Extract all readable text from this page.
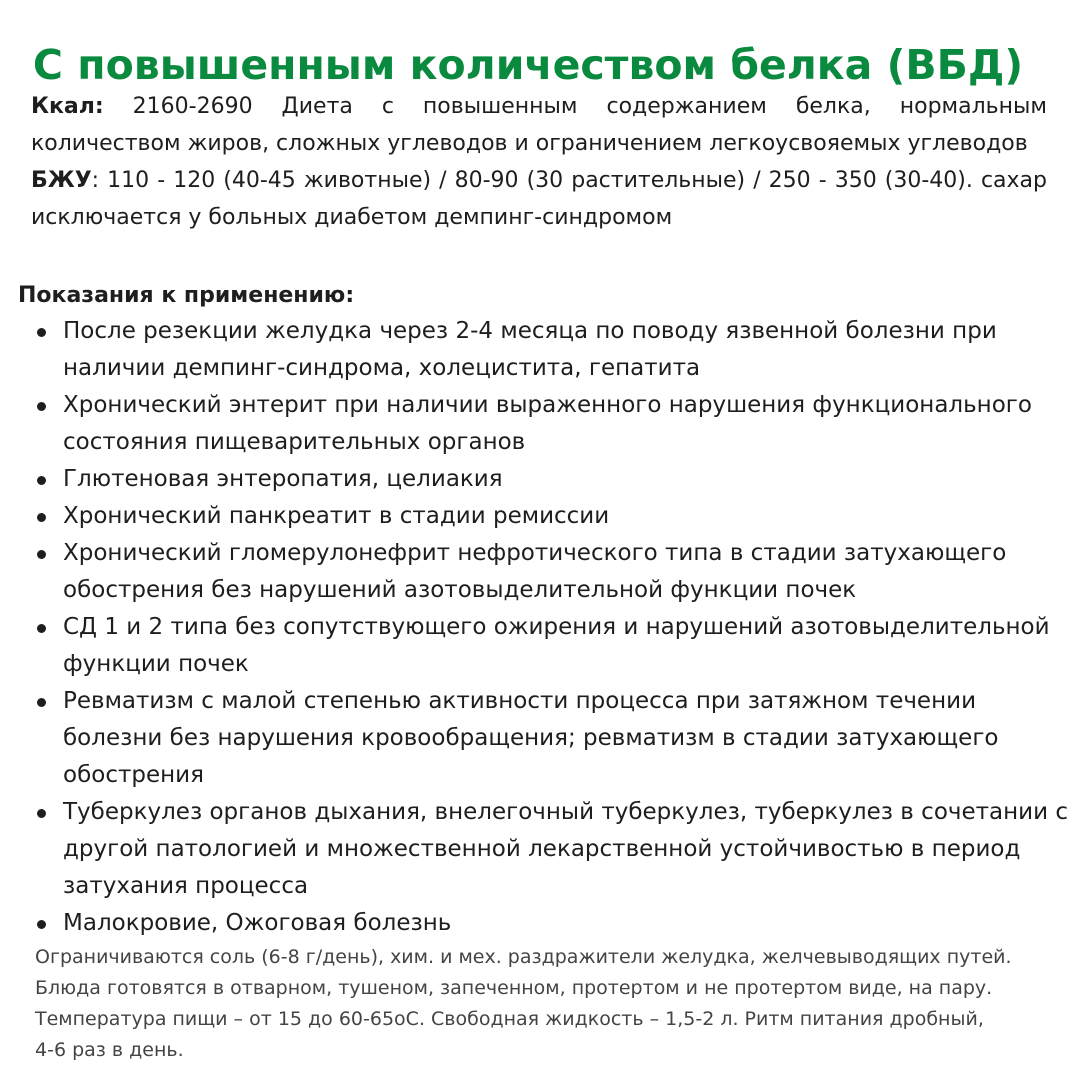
С повышенным количеством белка (ВБД)

Ккал: 2160-2690 Диета с повышенным содержанием белка, нормальным количеством жиров, сложных углеводов и ограничением легкоусвояемых углеводов

БЖУ: 110 - 120 (40-45 животные) / 80-90 (30 растительные) / 250 - 350 (30-40). сахар исключается у больных диабетом демпинг-синдромом

Показания к применению:
После резекции желудка через 2-4 месяца по поводу язвенной болезни при наличии демпинг-синдрома, холецистита, гепатита
Хронический энтерит при наличии выраженного нарушения функционального состояния пищеварительных органов
Глютеновая энтеропатия, целиакия
Хронический панкреатит в стадии ремиссии
Хронический гломерулонефрит нефротического типа в стадии затухающего обострения без нарушений азотовыделительной функции почек
СД 1 и 2 типа без сопутствующего ожирения и нарушений азотовыделительной функции почек
Ревматизм с малой степенью активности процесса при затяжном течении болезни без нарушения кровообращения; ревматизм в стадии затухающего обострения
Туберкулез органов дыхания, внелегочный туберкулез, туберкулез в сочетании с другой патологией и множественной лекарственной устойчивостью в период затухания процесса
Малокровие, Ожоговая болезнь
Ограничиваются соль (6-8 г/день), хим. и мех. раздражители желудка, желчевыводящих путей.
Блюда готовятся в отварном, тушеном, запеченном, протертом и не протертом виде, на пару.
Температура пищи – от 15 до 60-65оС. Свободная жидкость – 1,5-2 л. Ритм питания дробный,
4-6 раз в день.
